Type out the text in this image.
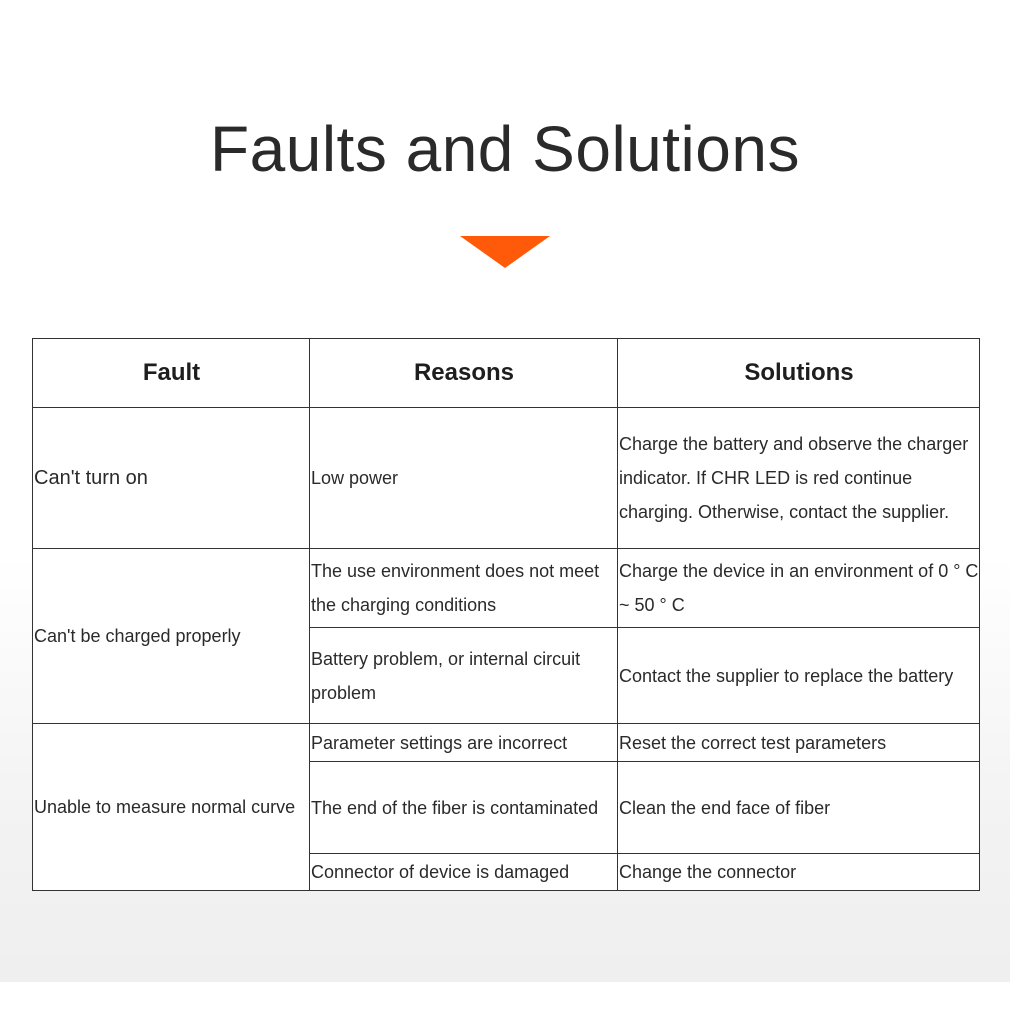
Faults and Solutions
Fault	Reasons	Solutions
Can't turn on	Low power	Charge the battery and observe the charger indicator. If CHR LED is red continue charging. Otherwise, contact the supplier.
Can't be charged properly	The use environment does not meet the charging conditions	Charge the device in an environment of 0 ° C ~ 50 ° C
	Battery problem, or internal circuit problem	Contact the supplier to replace the battery
Unable to measure normal curve	Parameter settings are incorrect	Reset the correct test parameters
	The end of the fiber is contaminated	Clean the end face of fiber
	Connector of device is damaged	Change the connector
